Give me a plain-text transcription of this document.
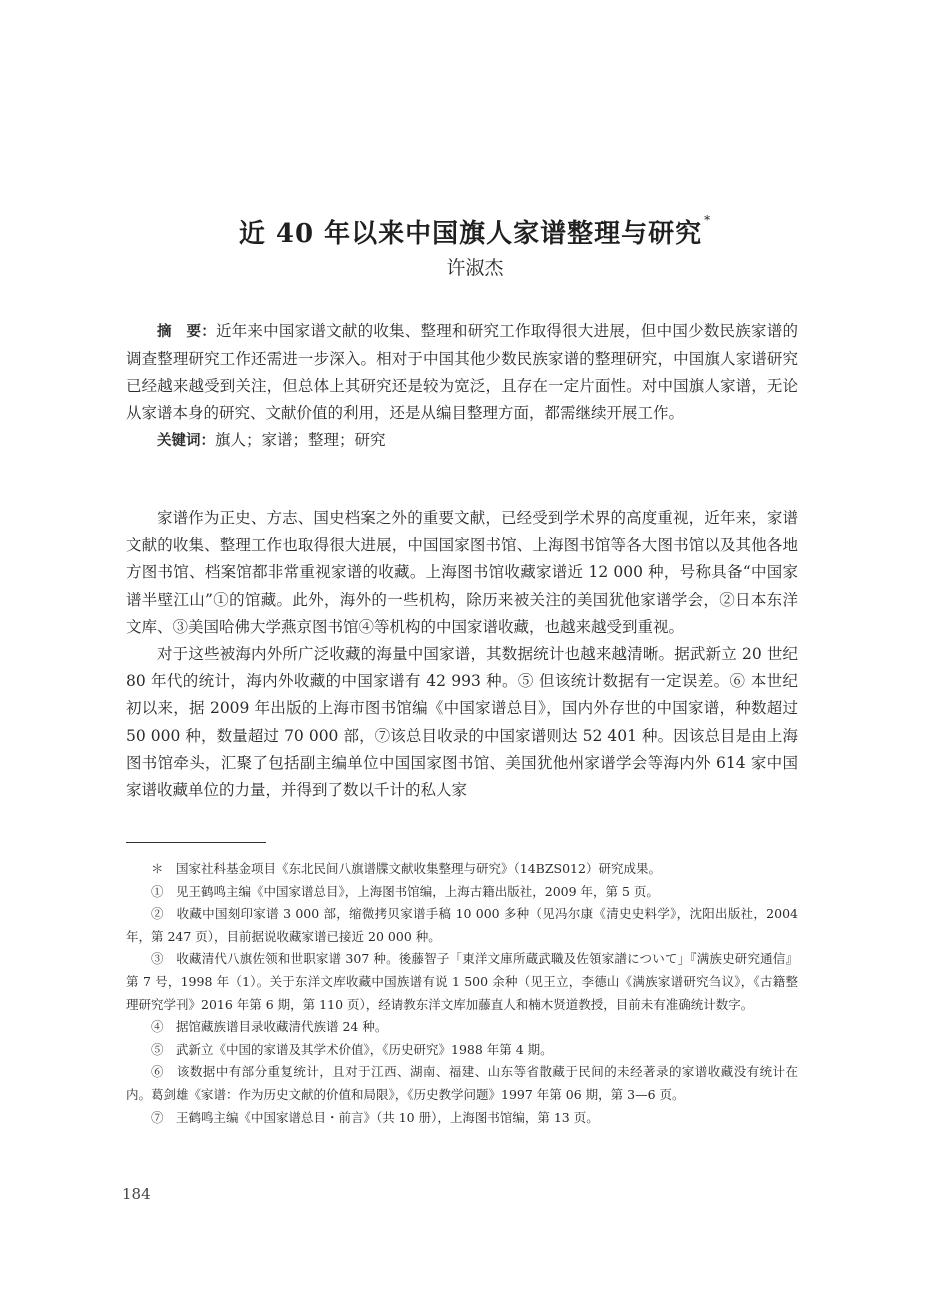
近 40 年以来中国旗人家谱整理与研究 *
许淑杰

摘　要：近年来中国家谱文献的收集、整理和研究工作取得很大进展，但中国少数民族家谱的调查整理研究工作还需进一步深入。相对于中国其他少数民族家谱的整理研究，中国旗人家谱研究已经越来越受到关注，但总体上其研究还是较为宽泛，且存在一定片面性。对中国旗人家谱，无论从家谱本身的研究、文献价值的利用，还是从编目整理方面，都需继续开展工作。

关键词：旗人；家谱；整理；研究

家谱作为正史、方志、国史档案之外的重要文献，已经受到学术界的高度重视，近年来，家谱文献的收集、整理工作也取得很大进展，中国国家图书馆、上海图书馆等各大图书馆以及其他各地方图书馆、档案馆都非常重视家谱的收藏。上海图书馆收藏家谱近 12 000 种，号称具备“中国家谱半壁江山”①的馆藏。此外，海外的一些机构，除历来被关注的美国犹他家谱学会，②日本东洋文库、③美国哈佛大学燕京图书馆④等机构的中国家谱收藏，也越来越受到重视。

对于这些被海内外所广泛收藏的海量中国家谱，其数据统计也越来越清晰。据武新立 20 世纪 80 年代的统计，海内外收藏的中国家谱有 42 993 种。⑤ 但该统计数据有一定误差。⑥ 本世纪初以来，据 2009 年出版的上海市图书馆编《中国家谱总目》，国内外存世的中国家谱，种数超过 50 000 种，数量超过 70 000 部，⑦该总目收录的中国家谱则达 52 401 种。因该总目是由上海图书馆牵头，汇聚了包括副主编单位中国国家图书馆、美国犹他州家谱学会等海内外 614 家中国家谱收藏单位的力量，并得到了数以千计的私人家

＊　国家社科基金项目《东北民间八旗谱牒文献收集整理与研究》（14BZS012）研究成果。

①　见王鹤鸣主编《中国家谱总目》，上海图书馆编，上海古籍出版社，2009 年，第 5 页。

②　收藏中国刻印家谱 3 000 部，缩微拷贝家谱手稿 10 000 多种（见冯尔康《清史史料学》，沈阳出版社，2004 年，第 247 页），目前据说收藏家谱已接近 20 000 种。

③　收藏清代八旗佐领和世职家谱 307 种。後藤智子「東洋文庫所蔵武職及佐領家譜について」『满族史研究通信』第 7 号，1998 年（1）。关于东洋文库收藏中国族谱有说 1 500 余种（见王立，李德山《满族家谱研究刍议》，《古籍整理研究学刊》2016 年第 6 期，第 110 页），经请教东洋文库加藤直人和楠木贤道教授，目前未有准确统计数字。

④　据馆藏族谱目录收藏清代族谱 24 种。

⑤　武新立《中国的家谱及其学术价值》，《历史研究》1988 年第 4 期。

⑥　该数据中有部分重复统计，且对于江西、湖南、福建、山东等省散藏于民间的未经著录的家谱收藏没有统计在内。葛剑雄《家谱：作为历史文献的价值和局限》，《历史教学问题》1997 年第 06 期，第 3—6 页。

⑦　王鹤鸣主编《中国家谱总目・前言》（共 10 册），上海图书馆编，第 13 页。

184
